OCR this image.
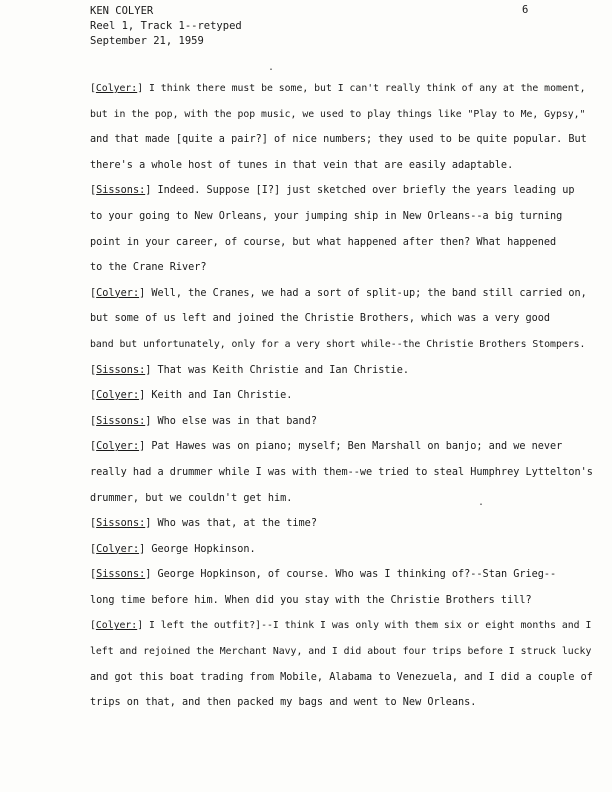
KEN COLYER
Reel 1, Track 1--retyped
September 21, 1959
6
[Colyer:] I think there must be some, but I can't really think of any at the moment,
but in the pop, with the pop music, we used to play things like "Play to Me, Gypsy,"
and that made [quite a pair?] of nice numbers; they used to be quite popular. But
there's a whole host of tunes in that vein that are easily adaptable.
[Sissons:] Indeed. Suppose [I?] just sketched over briefly the years leading up
to your going to New Orleans, your jumping ship in New Orleans--a big turning
point in your career, of course, but what happened after then? What happened
to the Crane River?
[Colyer:] Well, the Cranes, we had a sort of split-up; the band still carried on,
but some of us left and joined the Christie Brothers, which was a very good
band but unfortunately, only for a very short while--the Christie Brothers Stompers.
[Sissons:] That was Keith Christie and Ian Christie.
[Colyer:] Keith and Ian Christie.
[Sissons:] Who else was in that band?
[Colyer:] Pat Hawes was on piano; myself; Ben Marshall on banjo; and we never
really had a drummer while I was with them--we tried to steal Humphrey Lyttelton's
drummer, but we couldn't get him.
[Sissons:] Who was that, at the time?
[Colyer:] George Hopkinson.
[Sissons:] George Hopkinson, of course. Who was I thinking of?--Stan Grieg--
long time before him. When did you stay with the Christie Brothers till?
[Colyer:] I left the outfit?]--I think I was only with them six or eight months and I
left and rejoined the Merchant Navy, and I did about four trips before I struck lucky
and got this boat trading from Mobile, Alabama to Venezuela, and I did a couple of
trips on that, and then packed my bags and went to New Orleans.
.
.
